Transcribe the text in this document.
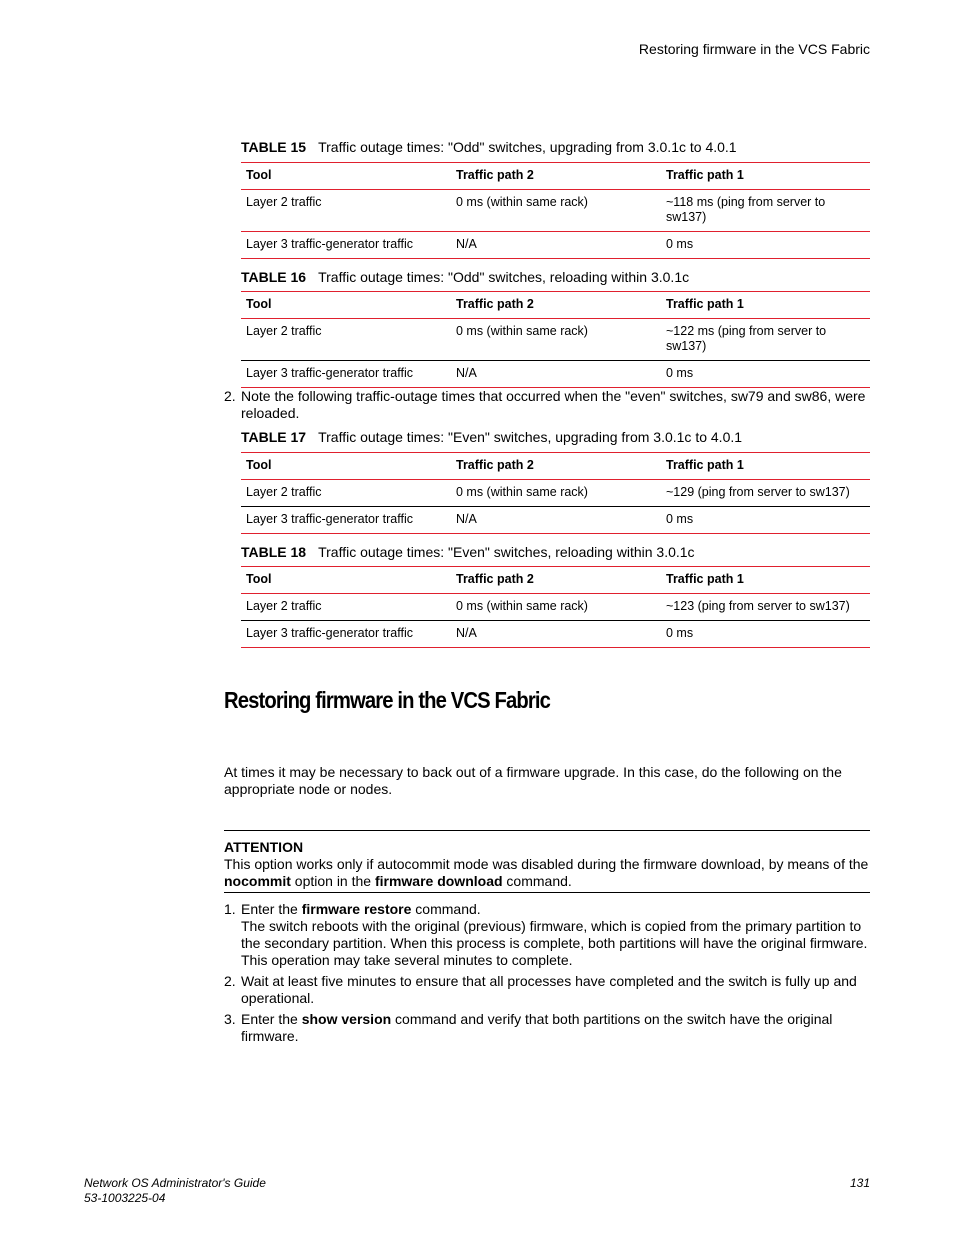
Restoring firmware in the VCS Fabric
TABLE 15 Traffic outage times: "Odd" switches, upgrading from 3.0.1c to 4.0.1
Tool	Traffic path 2	Traffic path 1
Layer 2 traffic	0 ms (within same rack)	~118 ms (ping from server to sw137)
Layer 3 traffic-generator traffic	N/A	0 ms
TABLE 16 Traffic outage times: "Odd" switches, reloading within 3.0.1c
Tool	Traffic path 2	Traffic path 1
Layer 2 traffic	0 ms (within same rack)	~122 ms (ping from server to sw137)
Layer 3 traffic-generator traffic	N/A	0 ms
2. Note the following traffic-outage times that occurred when the "even" switches, sw79 and sw86, were reloaded.
TABLE 17 Traffic outage times: "Even" switches, upgrading from 3.0.1c to 4.0.1
Tool	Traffic path 2	Traffic path 1
Layer 2 traffic	0 ms (within same rack)	~129 (ping from server to sw137)
Layer 3 traffic-generator traffic	N/A	0 ms
TABLE 18 Traffic outage times: "Even" switches, reloading within 3.0.1c
Tool	Traffic path 2	Traffic path 1
Layer 2 traffic	0 ms (within same rack)	~123 (ping from server to sw137)
Layer 3 traffic-generator traffic	N/A	0 ms
Restoring firmware in the VCS Fabric
At times it may be necessary to back out of a firmware upgrade. In this case, do the following on the appropriate node or nodes.
ATTENTION
This option works only if autocommit mode was disabled during the firmware download, by means of the nocommit option in the firmware download command.
1. Enter the firmware restore command.
The switch reboots with the original (previous) firmware, which is copied from the primary partition to the secondary partition. When this process is complete, both partitions will have the original firmware. This operation may take several minutes to complete.
2. Wait at least five minutes to ensure that all processes have completed and the switch is fully up and operational.
3. Enter the show version command and verify that both partitions on the switch have the original firmware.
Network OS Administrator's Guide
53-1003225-04
131
